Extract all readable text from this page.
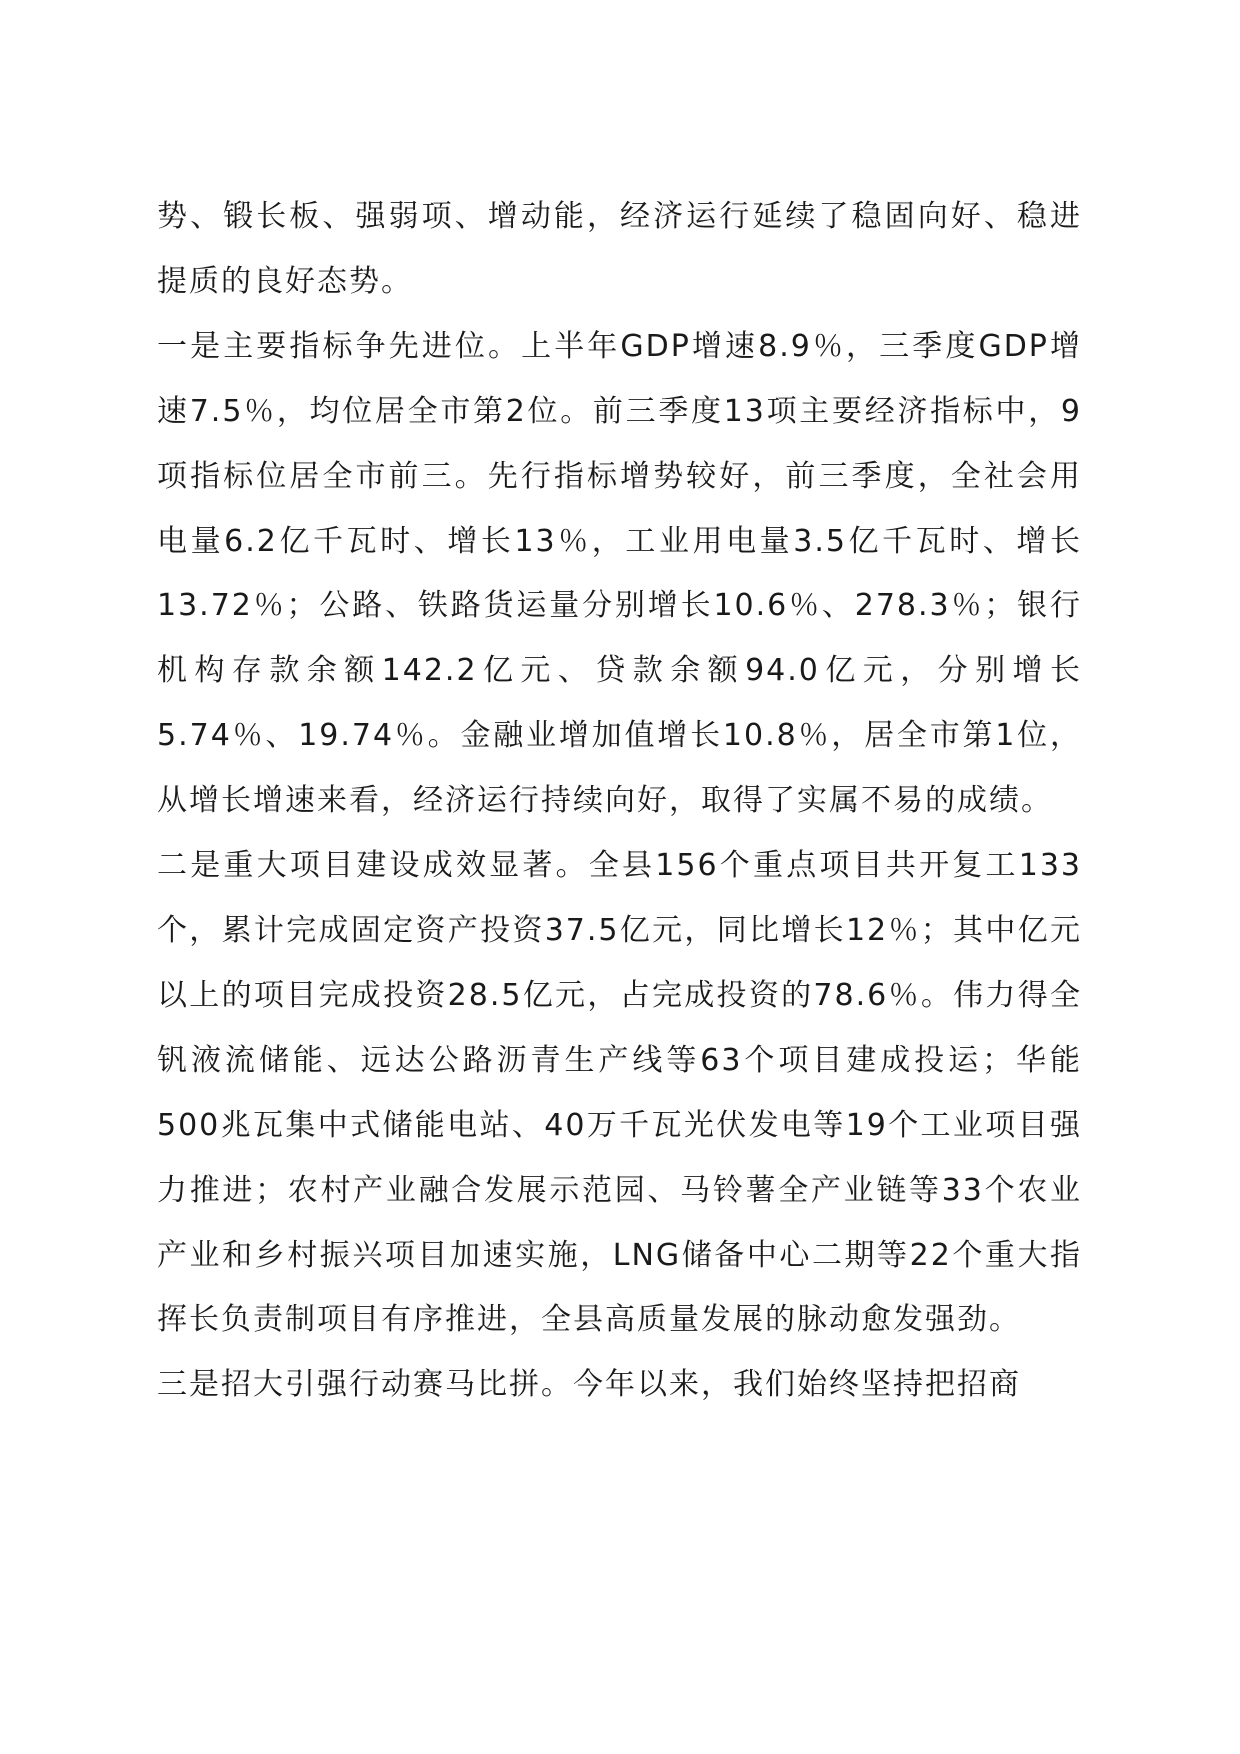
势、锻长板、强弱项、增动能，经济运行延续了稳固向好、稳进提质的良好态势。

一是主要指标争先进位。上半年GDP增速8.9％，三季度GDP增速7.5％，均位居全市第2位。前三季度13项主要经济指标中，9项指标位居全市前三。先行指标增势较好，前三季度，全社会用电量6.2亿千瓦时、增长13％，工业用电量3.5亿千瓦时、增长13.72％；公路、铁路货运量分别增长10.6％、278.3％；银行机构存款余额142.2亿元、贷款余额94.0亿元，分别增长5.74％、19.74％。金融业增加值增长10.8％，居全市第1位，从增长增速来看，经济运行持续向好，取得了实属不易的成绩。

二是重大项目建设成效显著。全县156个重点项目共开复工133个，累计完成固定资产投资37.5亿元，同比增长12％；其中亿元以上的项目完成投资28.5亿元，占完成投资的78.6％。伟力得全钒液流储能、远达公路沥青生产线等63个项目建成投运；华能500兆瓦集中式储能电站、40万千瓦光伏发电等19个工业项目强力推进；农村产业融合发展示范园、马铃薯全产业链等33个农业产业和乡村振兴项目加速实施，LNG储备中心二期等22个重大指挥长负责制项目有序推进，全县高质量发展的脉动愈发强劲。

三是招大引强行动赛马比拼。今年以来，我们始终坚持把招商
